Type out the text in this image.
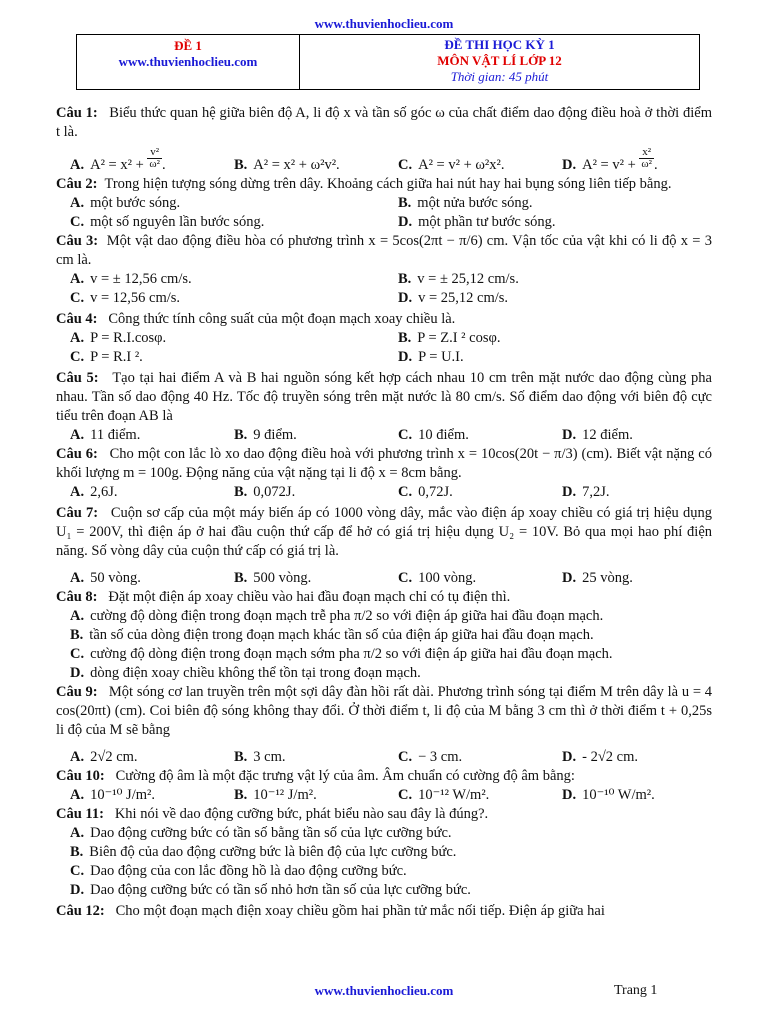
www.thuvienhoclieu.com
ĐỀ 1
www.thuvienhoclieu.com
ĐỀ THI HỌC KỲ 1
MÔN VẬT LÍ LỚP 12
Thời gian: 45 phút
Câu 1: Biểu thức quan hệ giữa biên độ A, li độ x và tần số góc ω của chất điểm dao động điều hoà ở thời điểm t là.
A. $A^2 = x^2 + \frac{\text{v²}}{\text{ω²}}$ .	B. A² = x² + ω²v².	C. A² = v² + ω²x².	D. $A^2 = v^2 + \frac{\text{x²}}{\text{ω²}}$ .
Câu 2: Trong hiện tượng sóng dừng trên dây. Khoảng cách giữa hai nút hay hai bụng sóng liên tiếp bằng.
A. một bước sóng.	B. một nửa bước sóng.
C. một số nguyên lần bước sóng.	D. một phần tư bước sóng.
Câu 3: Một vật dao động điều hòa có phương trình x = 5cos(2πt − π/6) cm. Vận tốc của vật khi có li độ x = 3 cm là.
A. v = ± 12,56 cm/s.	B. v = ± 25,12 cm/s.
C. v = 12,56 cm/s.	D. v = 25,12 cm/s.
Câu 4: Công thức tính công suất của một đoạn mạch xoay chiều là.
A. P = R.I.cosφ.	B. P = Z.I ² cosφ.
C. P = R.I ².	D. P = U.I.
Câu 5: Tạo tại hai điểm A và B hai nguồn sóng kết hợp cách nhau 10 cm trên mặt nước dao động cùng pha nhau. Tần số dao động 40 Hz. Tốc độ truyền sóng trên mặt nước là 80 cm/s. Số điểm dao động với biên độ cực tiểu trên đoạn AB là
A. 11 điểm.	B. 9 điểm.	C. 10 điểm.	D. 12 điểm.
Câu 6: Cho một con lắc lò xo dao động điều hoà với phương trình x = 10cos(20t − π/3) (cm). Biết vật nặng có khối lượng m = 100g. Động năng của vật nặng tại li độ x = 8cm bằng.
A. 2,6J.	B. 0,072J.	C. 0,72J.	D. 7,2J.
Câu 7: Cuộn sơ cấp của một máy biến áp có 1000 vòng dây, mắc vào điện áp xoay chiều có giá trị hiệu dụng U₁ = 200V, thì điện áp ở hai đầu cuộn thứ cấp để hở có giá trị hiệu dụng U₂ = 10V. Bỏ qua mọi hao phí điện năng. Số vòng dây của cuộn thứ cấp có giá trị là.
A. 50 vòng.	B. 500 vòng.	C. 100 vòng.	D. 25 vòng.
Câu 8: Đặt một điện áp xoay chiều vào hai đầu đoạn mạch chỉ có tụ điện thì.
A. cường độ dòng điện trong đoạn mạch trễ pha π/2 so với điện áp giữa hai đầu đoạn mạch.
B. tần số của dòng điện trong đoạn mạch khác tần số của điện áp giữa hai đầu đoạn mạch.
C. cường độ dòng điện trong đoạn mạch sớm pha π/2 so với điện áp giữa hai đầu đoạn mạch.
D. dòng điện xoay chiều không thể tồn tại trong đoạn mạch.
Câu 9: Một sóng cơ lan truyền trên một sợi dây đàn hồi rất dài. Phương trình sóng tại điểm M trên dây là u = 4 cos(20πt) (cm). Coi biên độ sóng không thay đổi. Ở thời điểm t, li độ của M bằng 3 cm thì ở thời điểm t + 0,25s li độ của M sẽ bằng
A. 2√2 cm.	B. 3 cm.	C. − 3 cm.	D. - 2√2 cm.
Câu 10: Cường độ âm là một đặc trưng vật lý của âm. Âm chuẩn có cường độ âm bằng:
A. 10⁻¹⁰ J/m².	B. 10⁻¹² J/m².	C. 10⁻¹² W/m².	D. 10⁻¹⁰ W/m².
Câu 11: Khi nói về dao động cưỡng bức, phát biểu nào sau đây là đúng?.
A. Dao động cưỡng bức có tần số bằng tần số của lực cưỡng bức.
B. Biên độ của dao động cưỡng bức là biên độ của lực cưỡng bức.
C. Dao động của con lắc đồng hồ là dao động cưỡng bức.
D. Dao động cưỡng bức có tần số nhỏ hơn tần số của lực cưỡng bức.
Câu 12: Cho một đoạn mạch điện xoay chiều gồm hai phần tử mắc nối tiếp. Điện áp giữa hai
www.thuvienhoclieu.com	Trang 1
